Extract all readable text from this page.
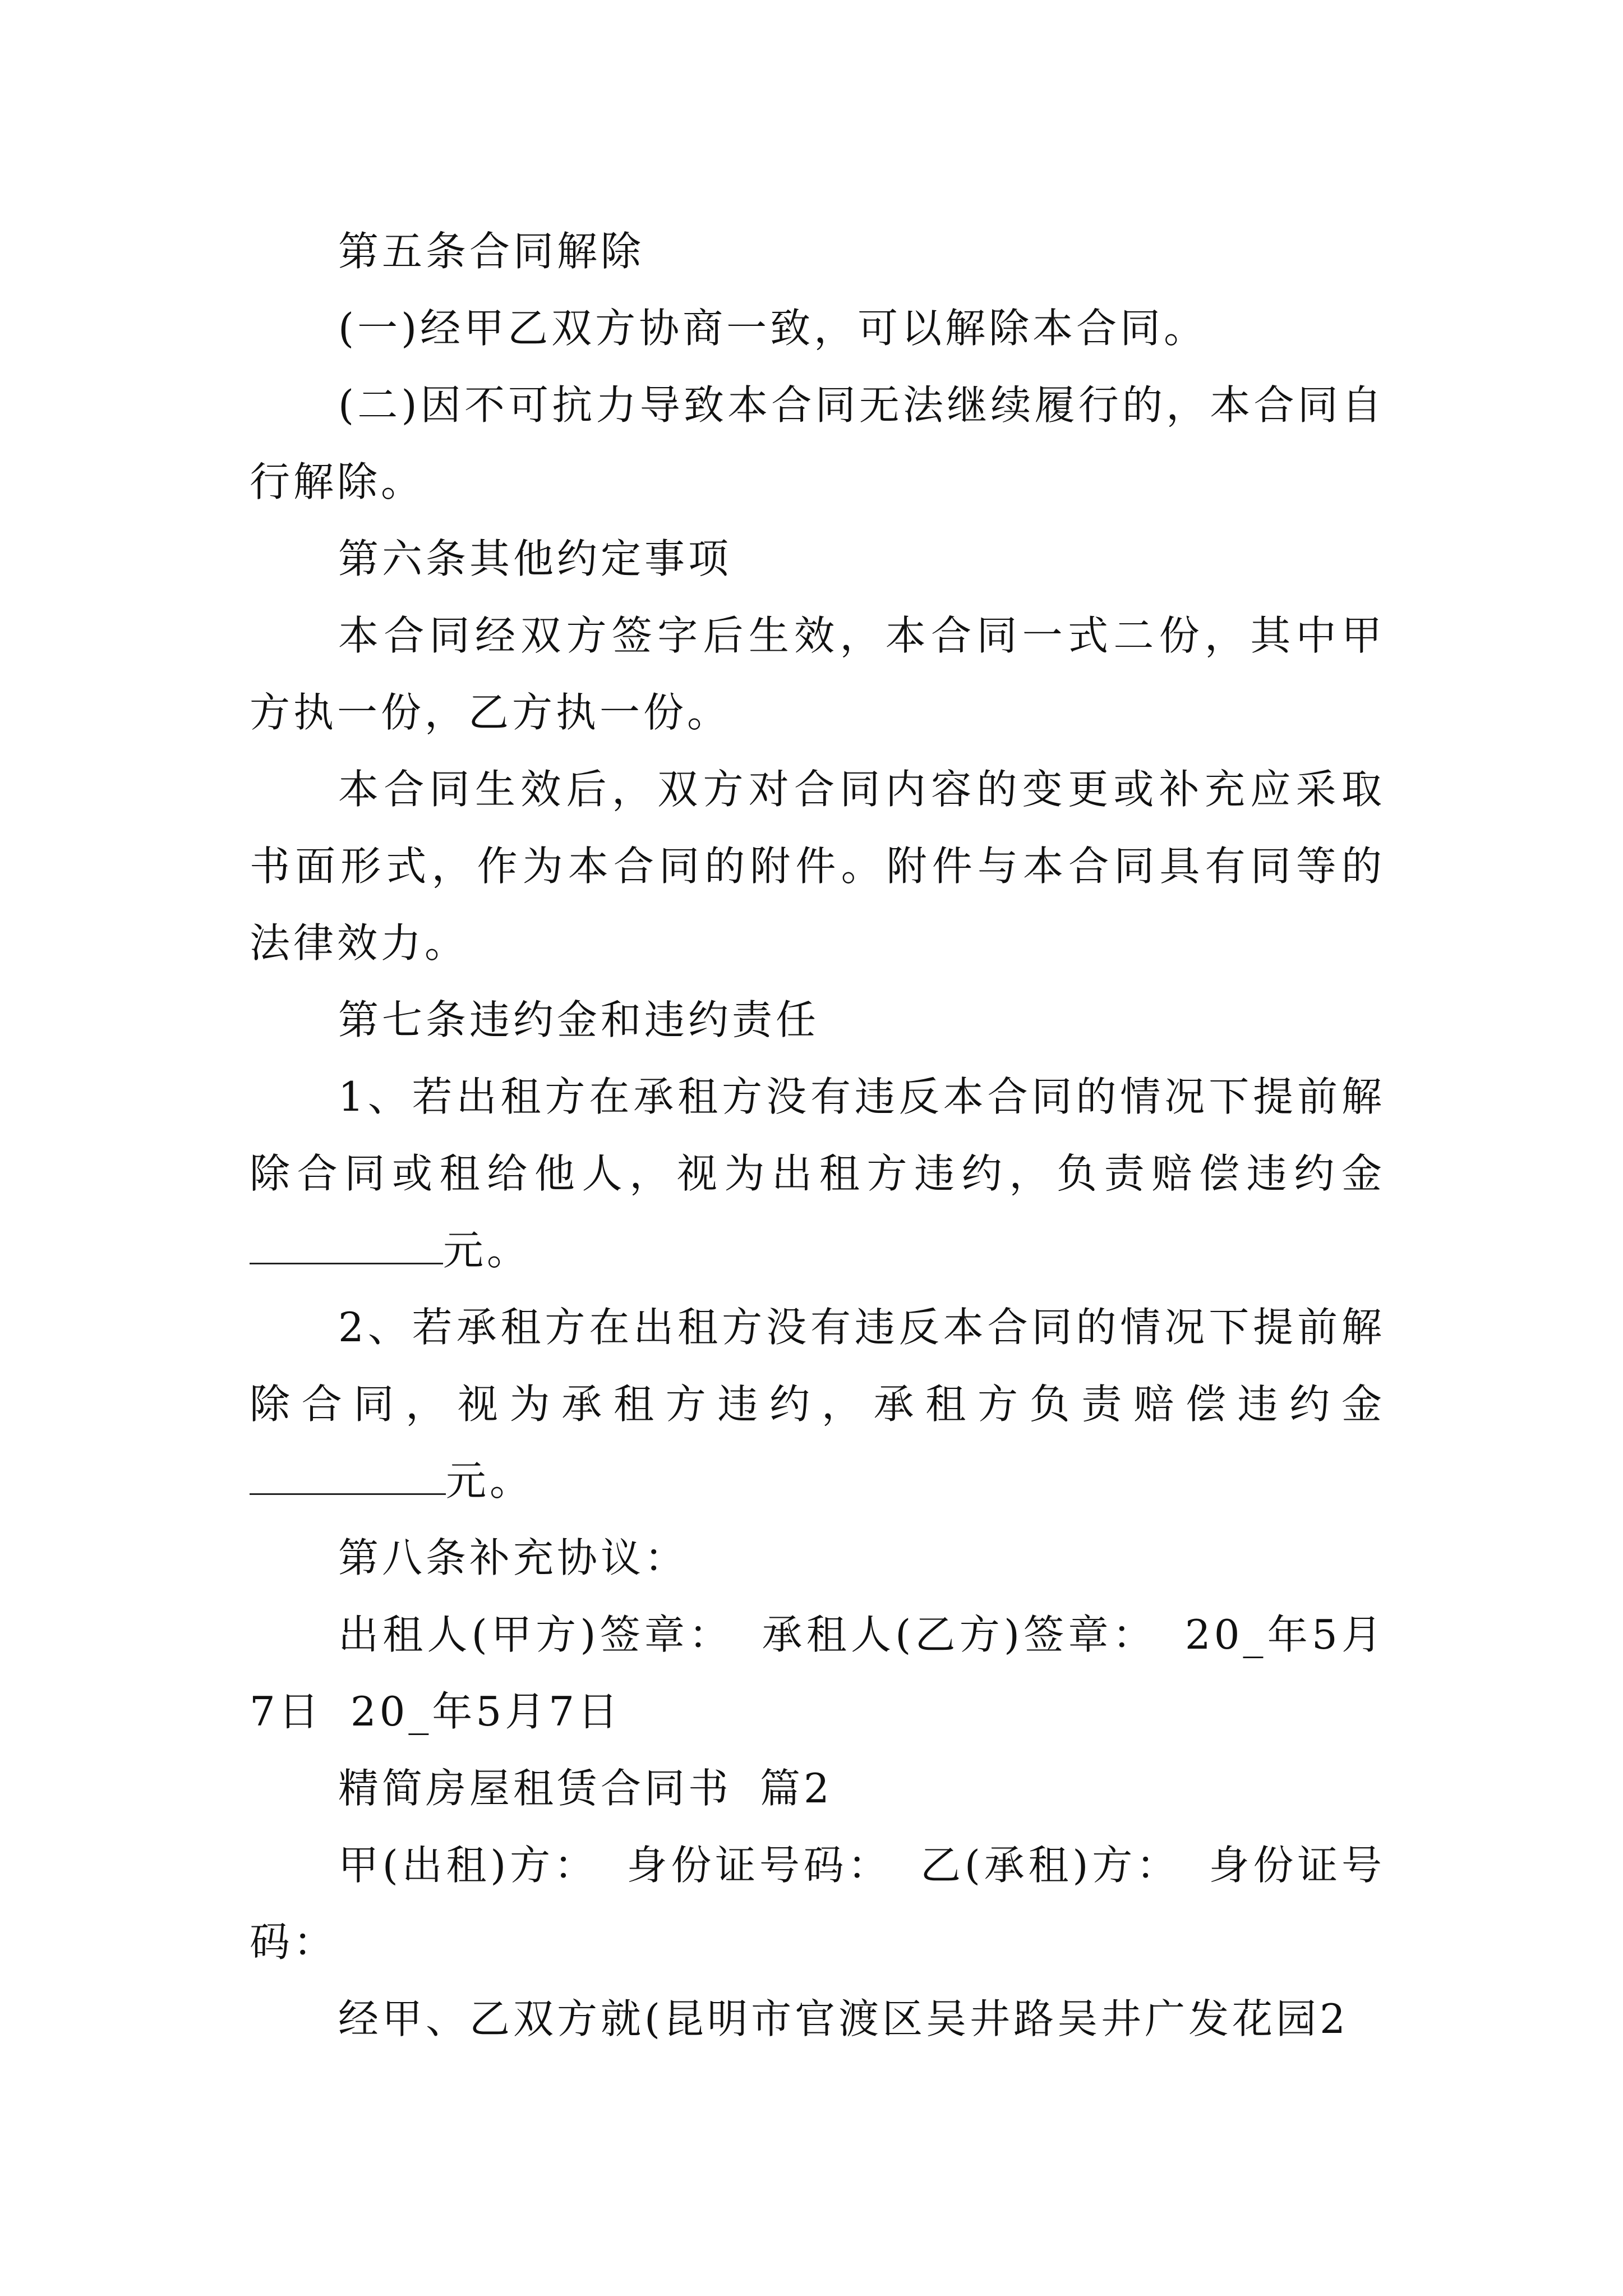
第五条合同解除

(一)经甲乙双方协商一致，可以解除本合同。

(二)因不可抗力导致本合同无法继续履行的，本合同自行解除。

第六条其他约定事项

本合同经双方签字后生效，本合同一式二份，其中甲方执一份，乙方执一份。

本合同生效后，双方对合同内容的变更或补充应采取书面形式，作为本合同的附件。附件与本合同具有同等的法律效力。

第七条违约金和违约责任

1、若出租方在承租方没有违反本合同的情况下提前解除合同或租给他人，视为出租方违约，负责赔偿违约金元。

2、若承租方在出租方没有违反本合同的情况下提前解除合同，视为承租方违约，承租方负责赔偿违约金元。

第八条补充协议：

出租人(甲方)签章： 承租人(乙方)签章： 20_年5月7日 20_年5月7日

精简房屋租赁合同书 篇2

甲(出租)方： 身份证号码： 乙(承租)方： 身份证号码：

经甲、乙双方就(昆明市官渡区吴井路吴井广发花园2
